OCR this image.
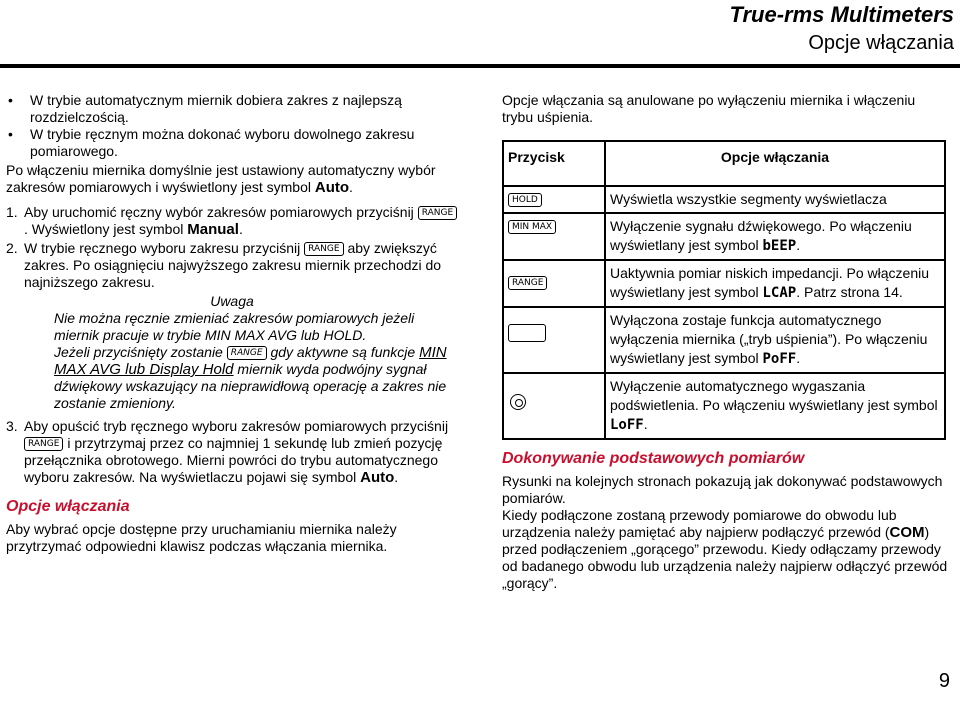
True-rms Multimeters
Opcje włączania
• W trybie automatycznym miernik dobiera zakres z najlepszą rozdzielczością.
• W trybie ręcznym można dokonać wyboru dowolnego zakresu pomiarowego.

Po włączeniu miernika domyślnie jest ustawiony automatyczny wybór zakresów pomiarowych i wyświetlony jest symbol Auto.

1. Aby uruchomić ręczny wybór zakresów pomiarowych przyciśnij RANGE. Wyświetlony jest symbol Manual.
2. W trybie ręcznego wyboru zakresu przyciśnij RANGE aby zwiększyć zakres. Po osiągnięciu najwyższego zakresu miernik przechodzi do najniższego zakresu.
Uwaga

Nie można ręcznie zmieniać zakresów pomiarowych jeżeli miernik pracuje w trybie MIN MAX AVG lub HOLD.

Jeżeli przyciśnięty zostanie RANGE gdy aktywne są funkcje MIN MAX AVG lub Display Hold miernik wyda podwójny sygnał dźwiękowy wskazujący na nieprawidłową operację a zakres nie zostanie zmieniony.

3. Aby opuścić tryb ręcznego wyboru zakresów pomiarowych przyciśnij RANGE i przytrzymaj przez co najmniej 1 sekundę lub zmień pozycję przełącznika obrotowego. Mierni powróci do trybu automatycznego wyboru zakresów. Na wyświetlaczu pojawi się symbol Auto.
Opcje włączania

Aby wybrać opcje dostępne przy uruchamianiu miernika należy przytrzymać odpowiedni klawisz podczas włączania miernika.

Opcje włączania są anulowane po wyłączeniu miernika i włączeniu trybu uśpienia.

Przycisk	Opcje włączania
HOLD	Wyświetla wszystkie segmenty wyświetlacza
MIN MAX	Wyłączenie sygnału dźwiękowego. Po włączeniu wyświetlany jest symbol bEEP.
RANGE	Uaktywnia pomiar niskich impedancji. Po włączeniu wyświetlany jest symbol LCAP. Patrz strona 14.
	Wyłączona zostaje funkcja automatycznego wyłączenia miernika („tryb uśpienia”). Po włączeniu wyświetlany jest symbol PoFF.
	Wyłączenie automatycznego wygaszania podświetlenia. Po włączeniu wyświetlany jest symbol LoFF.
Dokonywanie podstawowych pomiarów

Rysunki na kolejnych stronach pokazują jak dokonywać podstawowych pomiarów.

Kiedy podłączone zostaną przewody pomiarowe do obwodu lub urządzenia należy pamiętać aby najpierw podłączyć przewód (COM) przed podłączeniem „gorącego” przewodu. Kiedy odłączamy przewody od badanego obwodu lub urządzenia należy najpierw odłączyć przewód „gorący”.

9
